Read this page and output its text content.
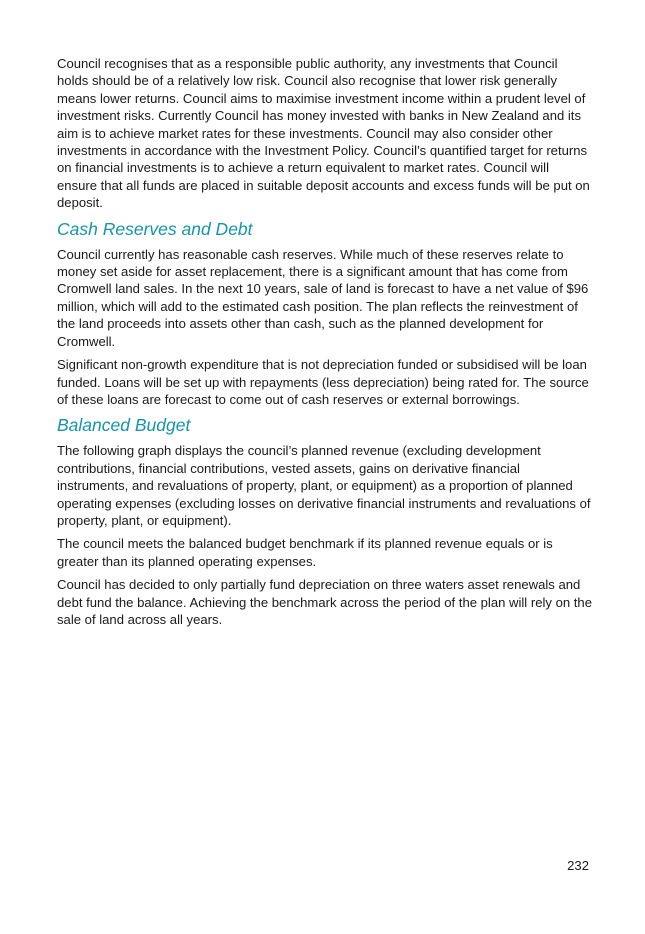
Council recognises that as a responsible public authority, any investments that Council holds should be of a relatively low risk. Council also recognise that lower risk generally means lower returns. Council aims to maximise investment income within a prudent level of investment risks. Currently Council has money invested with banks in New Zealand and its aim is to achieve market rates for these investments. Council may also consider other investments in accordance with the Investment Policy. Council’s quantified target for returns on financial investments is to achieve a return equivalent to market rates. Council will ensure that all funds are placed in suitable deposit accounts and excess funds will be put on deposit.

Cash Reserves and Debt

Council currently has reasonable cash reserves. While much of these reserves relate to money set aside for asset replacement, there is a significant amount that has come from Cromwell land sales. In the next 10 years, sale of land is forecast to have a net value of $96 million, which will add to the estimated cash position. The plan reflects the reinvestment of the land proceeds into assets other than cash, such as the planned development for Cromwell.

Significant non-growth expenditure that is not depreciation funded or subsidised will be loan funded. Loans will be set up with repayments (less depreciation) being rated for. The source of these loans are forecast to come out of cash reserves or external borrowings.

Balanced Budget

The following graph displays the council’s planned revenue (excluding development contributions, financial contributions, vested assets, gains on derivative financial instruments, and revaluations of property, plant, or equipment) as a proportion of planned operating expenses (excluding losses on derivative financial instruments and revaluations of property, plant, or equipment).

The council meets the balanced budget benchmark if its planned revenue equals or is greater than its planned operating expenses.

Council has decided to only partially fund depreciation on three waters asset renewals and debt fund the balance. Achieving the benchmark across the period of the plan will rely on the sale of land across all years.

232
